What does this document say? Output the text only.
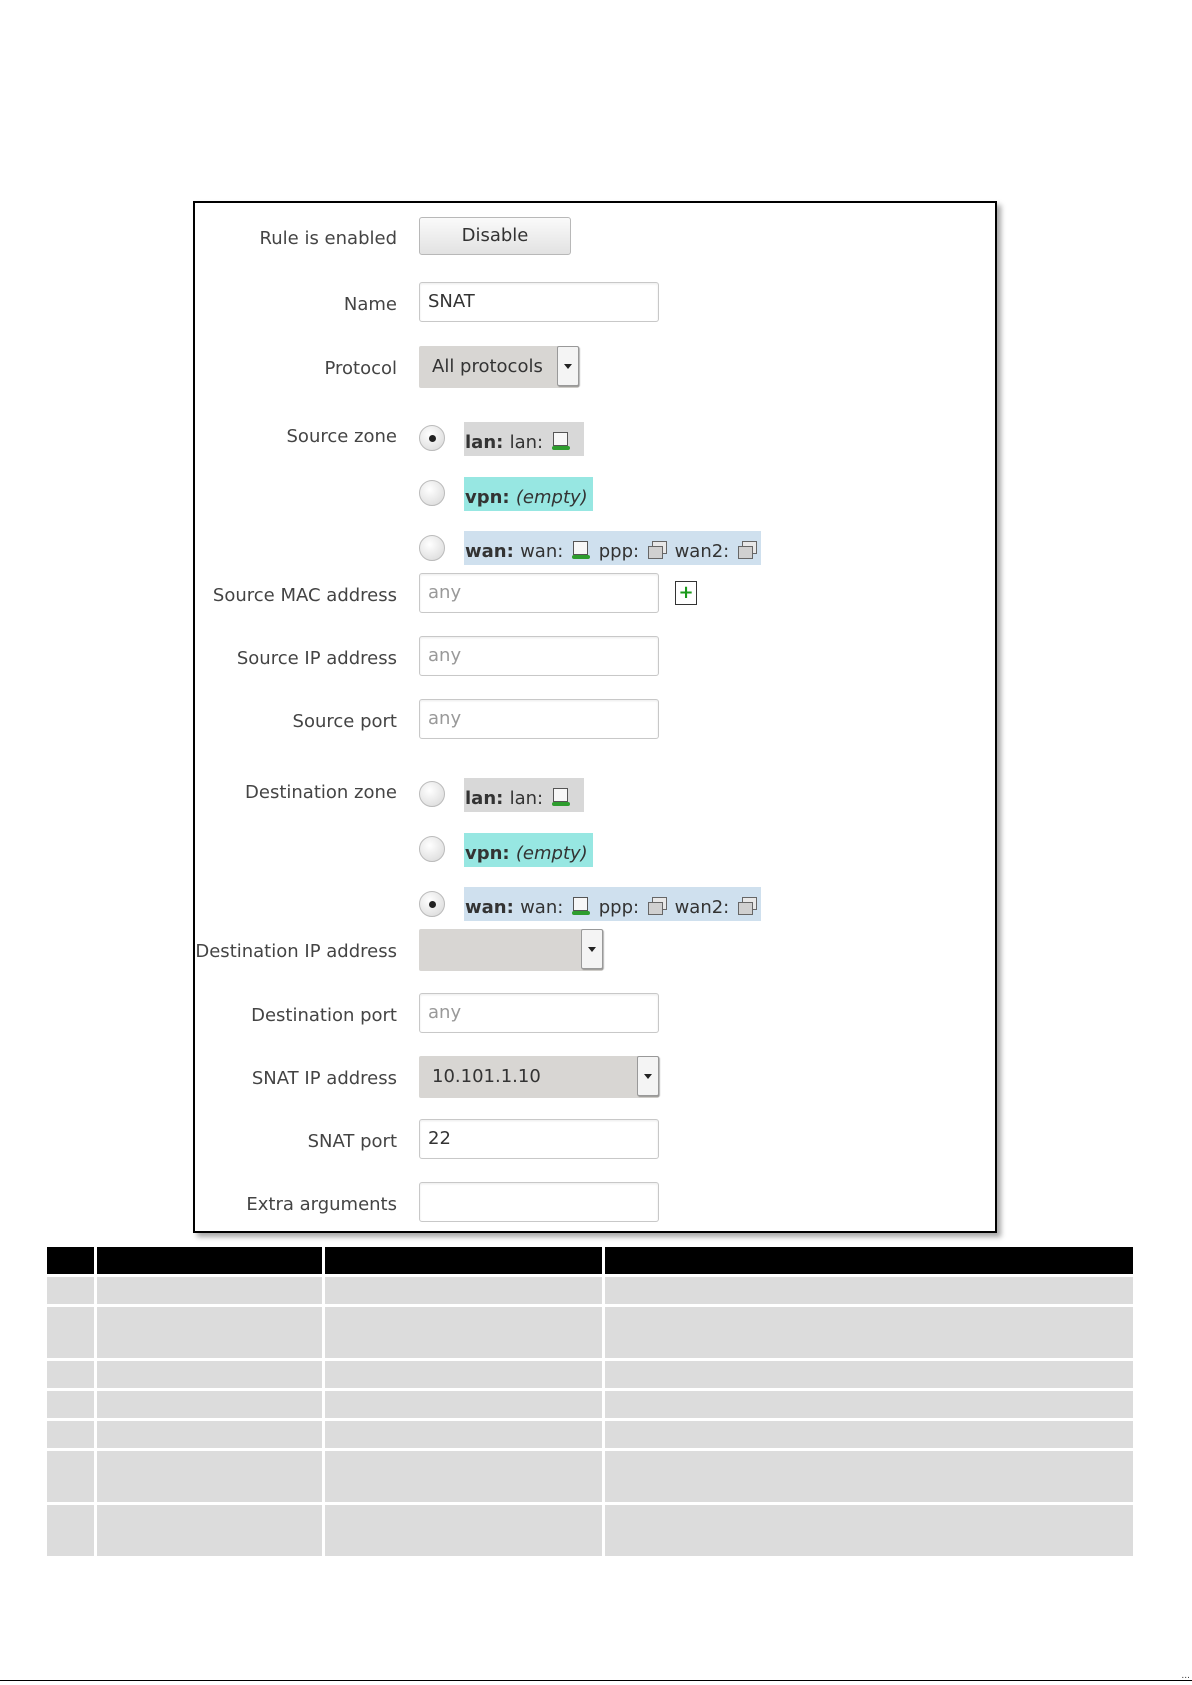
Rule is enabled	Disable
Name	SNAT
Protocol	All protocols
Source zone	lan: lan:
vpn: (empty)
wan: wan:  ppp:  wan2:
Source MAC address	any	+
Source IP address	any
Source port	any
Destination zone	lan: lan:
vpn: (empty)
wan: wan:  ppp:  wan2:
Destination IP address
Destination port	any
SNAT IP address	10.101.1.10
SNAT port	22
Extra arguments

...
